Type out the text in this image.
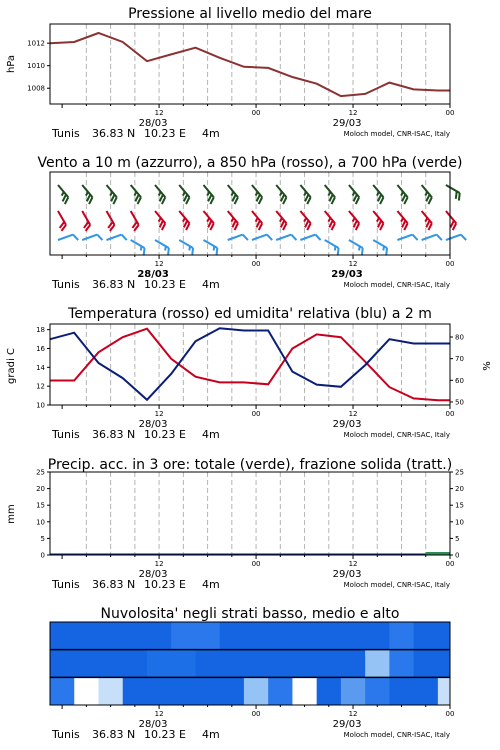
Pressione al livello medio del mare
hPa
1008
1010
1012
12	00	12	00
28/03	29/03
Tunis 36.83 N 10.23 E 4m	Moloch model, CNR-ISAC, Italy
Vento a 10 m (azzurro), a 850 hPa (rosso), a 700 hPa (verde)
12	00	12	00
28/03	29/03
Tunis 36.83 N 10.23 E 4m	Moloch model, CNR-ISAC, Italy
Temperatura (rosso) ed umidita' relativa (blu) a 2 m
gradi C	%
10
12
14
16
18
50
60
70
80
12	00	12	00
28/03	29/03
Tunis 36.83 N 10.23 E 4m	Moloch model, CNR-ISAC, Italy
Precip. acc. in 3 ore: totale (verde), frazione solida (tratt.)
mm
0
5
10
15
20
25
0
5
10
15
20
25
12	00	12	00
28/03	29/03
Tunis 36.83 N 10.23 E 4m	Moloch model, CNR-ISAC, Italy
Nuvolosita' negli strati basso, medio e alto
12	00	12	00
28/03	29/03
Tunis 36.83 N 10.23 E 4m	Moloch model, CNR-ISAC, Italy
